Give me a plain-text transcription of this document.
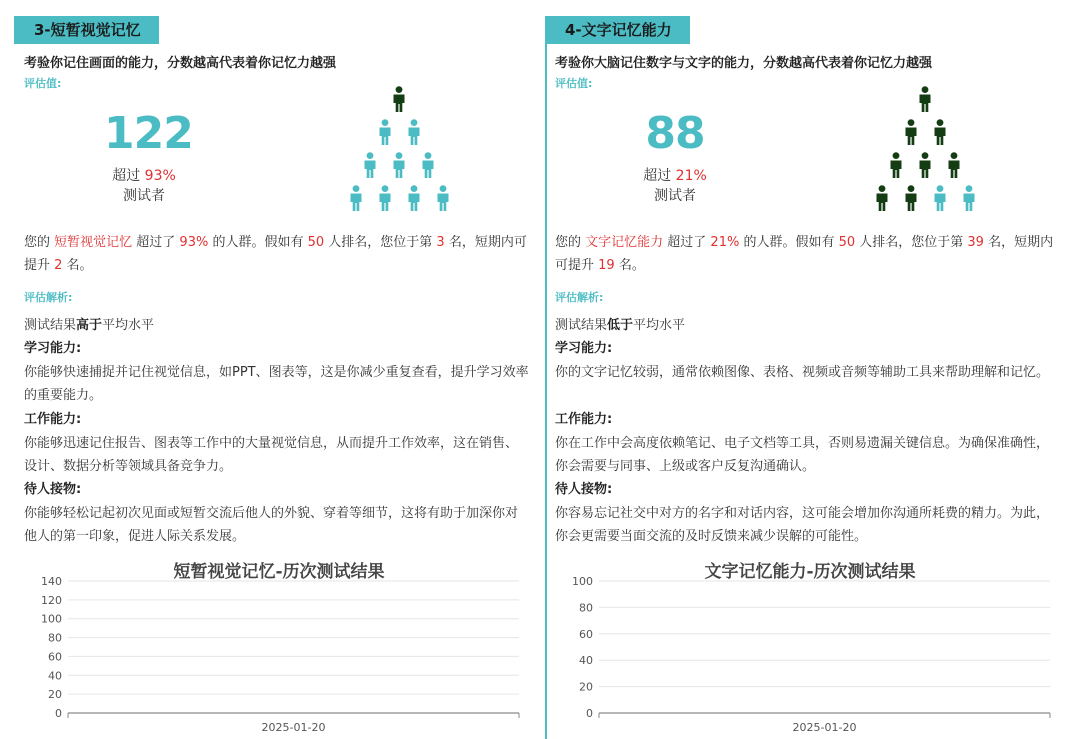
3-短暂视觉记忆
考验你记住画面的能力，分数越高代表着你记忆力越强
评估值:
122
超过 93%
测试者
您的 短暂视觉记忆 超过了 93% 的人群。假如有 50 人排名，您位于第 3 名，短期内可提升 2 名。
评估解析:
测试结果高于平均水平
学习能力:
你能够快速捕捉并记住视觉信息，如PPT、图表等，这是你减少重复查看，提升学习效率的重要能力。
工作能力:
你能够迅速记住报告、图表等工作中的大量视觉信息，从而提升工作效率，这在销售、设计、数据分析等领域具备竞争力。
待人接物:
你能够轻松记起初次见面或短暂交流后他人的外貌、穿着等细节，这将有助于加深你对他人的第一印象，促进人际关系发展。
0
20
40
60
80
100
120
140
2025-01-20
短暂视觉记忆-历次测试结果
4-文字记忆能力
考验你大脑记住数字与文字的能力，分数越高代表着你记忆力越强
评估值:
88
超过 21%
测试者
您的 文字记忆能力 超过了 21% 的人群。假如有 50 人排名，您位于第 39 名，短期内可提升 19 名。
评估解析:
测试结果低于平均水平
学习能力:
你的文字记忆较弱，通常依赖图像、表格、视频或音频等辅助工具来帮助理解和记忆。
工作能力:
你在工作中会高度依赖笔记、电子文档等工具，否则易遗漏关键信息。为确保准确性，你会需要与同事、上级或客户反复沟通确认。
待人接物:
你容易忘记社交中对方的名字和对话内容，这可能会增加你沟通所耗费的精力。为此，你会更需要当面交流的及时反馈来减少误解的可能性。
0
20
40
60
80
100
2025-01-20
文字记忆能力-历次测试结果
